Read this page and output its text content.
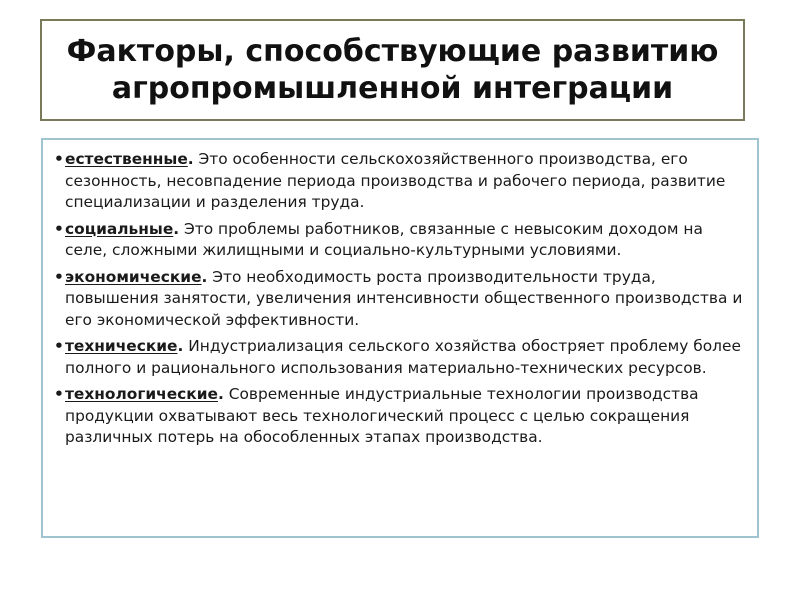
Факторы, способствующие развитию
агропромышленной интеграции
• естественные. Это особенности сельскохозяйственного производства, его сезонность, несовпадение периода производства и рабочего периода, развитие специализации и разделения труда.
• социальные. Это проблемы работников, связанные с невысоким доходом на селе, сложными жилищными и социально-культурными условиями.
• экономические. Это необходимость роста производительности труда, повышения занятости, увеличения интенсивности общественного производства и его экономической эффективности.
• технические. Индустриализация сельского хозяйства обостряет проблему более полного и рационального использования материально-технических ресурсов.
• технологические. Современные индустриальные технологии производства продукции охватывают весь технологический процесс с целью сокращения различных потерь на обособленных этапах производства.
